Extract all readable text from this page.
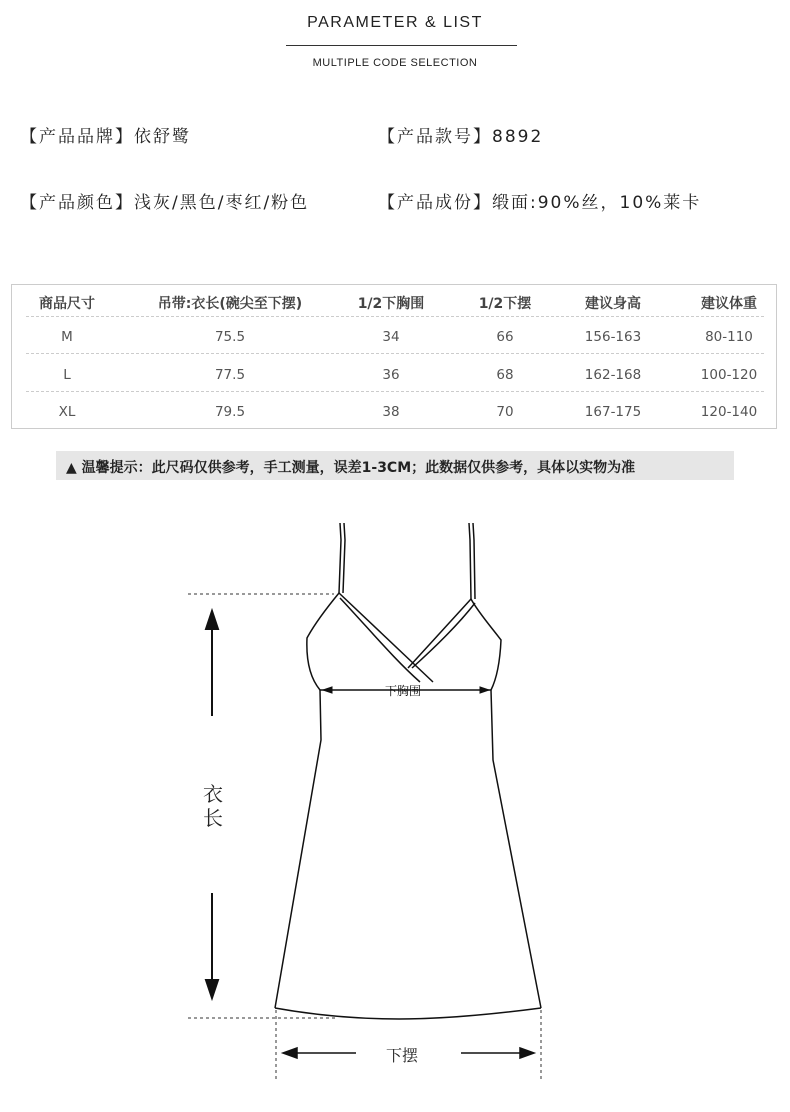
PARAMETER & LIST
MULTIPLE CODE SELECTION
【产品品牌】依舒鹭	【产品款号】8892
【产品颜色】浅灰/黑色/枣红/粉色	【产品成份】缎面:90%丝，10%莱卡
商品尺寸	吊带:衣长(碗尖至下摆)	1/2下胸围	1/2下摆	建议身高	建议体重
M	75.5	34	66	156-163	80-110
L	77.5	36	68	162-168	100-120
XL	79.5	38	70	167-175	120-140
▲ 温馨提示：此尺码仅供参考，手工测量，误差1-3CM；此数据仅供参考，具体以实物为准
衣长
下胸围
下摆
